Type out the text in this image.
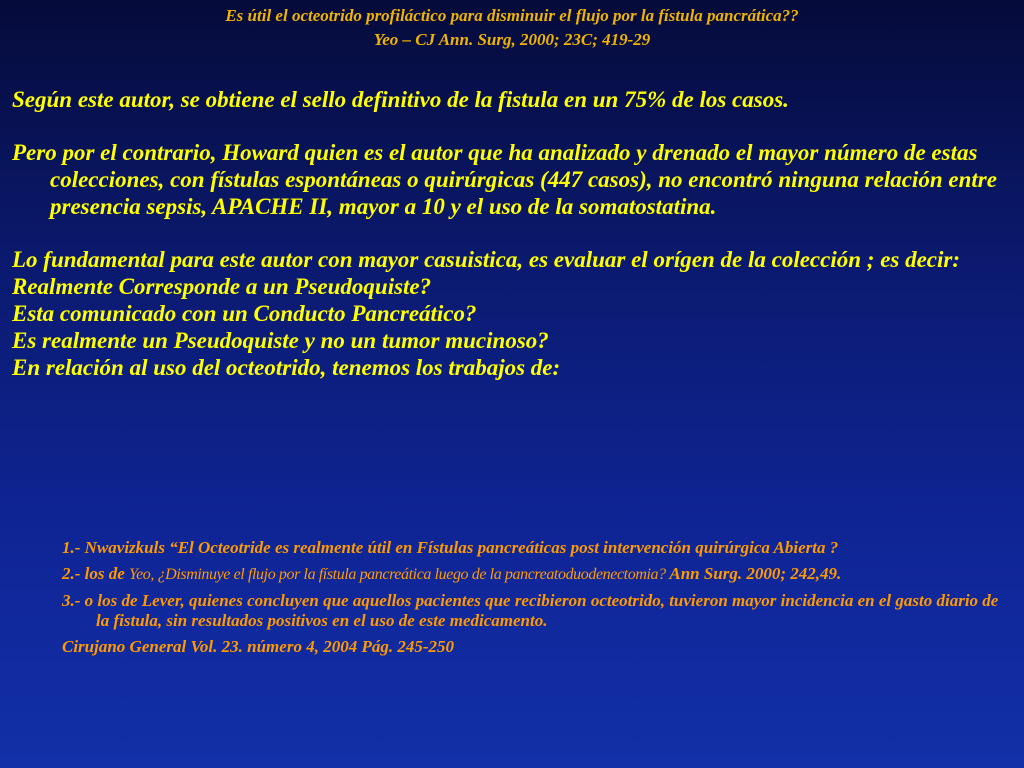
Es útil el octeotrido profiláctico para disminuir el flujo por la fístula pancrática??
Yeo – CJ Ann. Surg, 2000; 23C; 419-29

Según este autor, se obtiene el sello definitivo de la fistula en un 75% de los casos.

Pero por el contrario, Howard quien es el autor que ha analizado y drenado el mayor número de estas colecciones, con fístulas espontáneas o quirúrgicas (447 casos), no encontró ninguna relación entre presencia sepsis, APACHE II, mayor a 10 y el uso de la somatostatina.

Lo fundamental para este autor con mayor casuistica, es evaluar el orígen de la colección ; es decir:

Realmente Corresponde a un Pseudoquiste?

Esta comunicado con un Conducto Pancreático?

Es realmente un Pseudoquiste y no un tumor mucinoso?

En relación al uso del octeotrido, tenemos los trabajos de:

1.- Nwavizkuls “El Octeotride es realmente útil en Fístulas pancreáticas post intervención quirúrgica Abierta ?

2.- los de Yeo, ¿Disminuye el flujo por la fístula pancreática luego de la pancreatoduodenectomia? Ann Surg. 2000; 242,49.

3.- o los de Lever, quienes concluyen que aquellos pacientes que recibieron octeotrido, tuvieron mayor incidencia en el gasto diario de la fistula, sin resultados positivos en el uso de este medicamento.

Cirujano General Vol. 23. número 4, 2004 Pág. 245-250
